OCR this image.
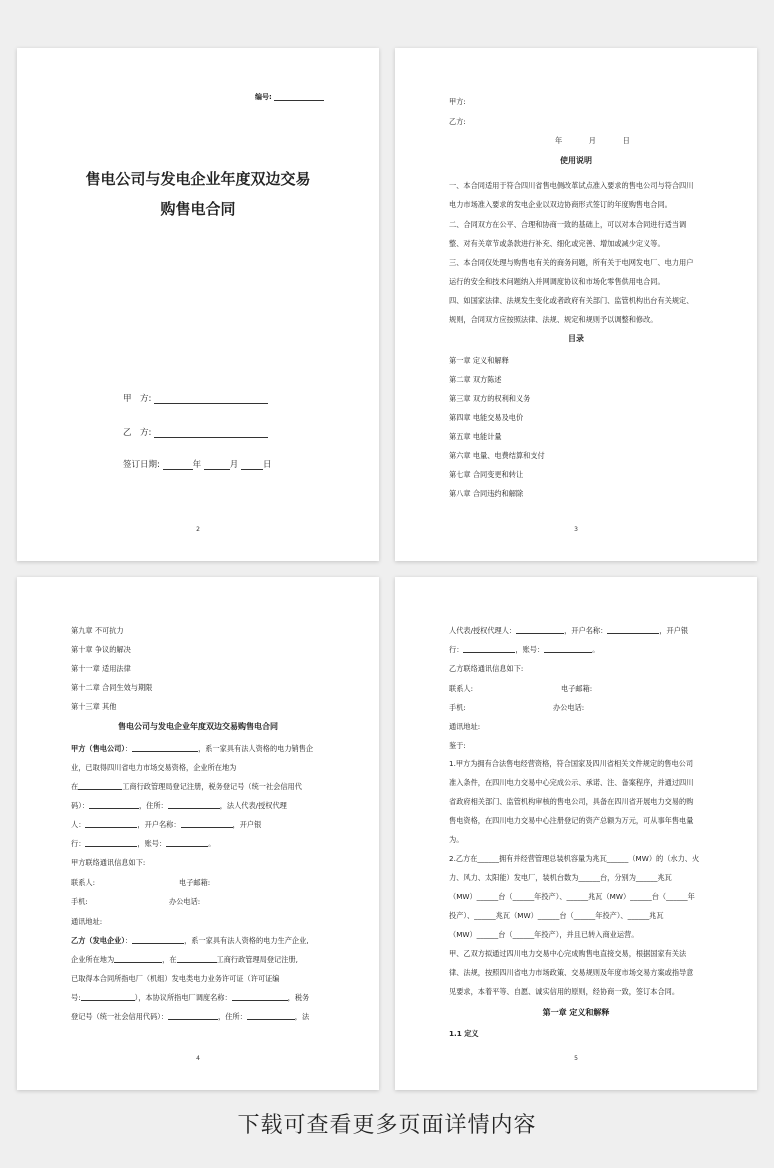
编号:
售电公司与发电企业年度双边交易
购售电合同
甲　方:
乙　方:
签订日期:	年	月	日
2
甲方:
乙方:
年	月	日
使用说明
一、本合同适用于符合四川省售电侧改革试点准入要求的售电公司与符合四川
电力市场准入要求的发电企业以双边协商形式签订的年度购售电合同。
二、合同双方在公平、合理和协商一致的基础上，可以对本合同进行适当调
整、对有关章节或条款进行补充、细化或完善、增加或减少定义等。
三、本合同仅处理与购售电有关的商务问题，所有关于电网发电厂、电力用户
运行的安全和技术问题纳入并网调度协议和市场化零售供用电合同。
四、如国家法律、法规发生变化或者政府有关部门、监管机构出台有关规定、
规则，合同双方应按照法律、法规、规定和规则予以调整和修改。
目录
第一章 定义和解释
第二章 双方陈述
第三章 双方的权利和义务
第四章 电能交易及电价
第五章 电能计量
第六章 电量、电费结算和支付
第七章 合同变更和转让
第八章 合同违约和解除
3
第九章 不可抗力
第十章 争议的解决
第十一章 适用法律
第十二章 合同生效与期限
第十三章 其他
售电公司与发电企业年度双边交易购售电合同
甲方（售电公司）：	，系一家具有法人资格的电力销售企
业，已取得四川省电力市场交易资格，企业所在地为
在	工商行政管理局登记注册，税务登记号（统一社会信用代
码）：	，住所：	，法人代表/授权代理
人：	，开户名称：	，开户银
行：	，账号：	。
甲方联络通讯信息如下:
联系人:	电子邮箱:
手机:	办公电话:
通讯地址:
乙方（发电企业）：	，系一家具有法人资格的电力生产企业,
企业所在地为	，在	工商行政管理局登记注册,
已取得本合同所指电厂（机组）发电类电力业务许可证（许可证编
号:	），本协议所指电厂调度名称：	，税务
登记号（统一社会信用代码）：	，住所：	，法
4
人代表/授权代理人：	，开户名称：	，开户银
行：	，账号：	。
乙方联络通讯信息如下:
联系人:	电子邮箱:
手机:	办公电话:
通讯地址:
鉴于:
1.甲方为拥有合法售电经营资格，符合国家及四川省相关文件规定的售电公司
准入条件，在四川电力交易中心完成公示、承诺、注、备案程序，并通过四川
省政府相关部门、监管机构审核的售电公司，具备在四川省开展电力交易的购
售电资格，在四川电力交易中心注册登记的资产总额为万元，可从事年售电量
为。
2.乙方在______拥有并经营管理总装机容量为兆瓦______（MW）的（水力、火
力、风力、太阳能）发电厂，装机台数为______台，分别为______兆瓦
（MW）______台（______年投产）、______兆瓦（MW）______台（______年
投产）、______兆瓦（MW）______台（______年投产）、______兆瓦
（MW）______台（______年投产），并且已转入商业运营。
甲、乙双方拟通过四川电力交易中心完成购售电直接交易，根据国家有关法
律、法规，按照四川省电力市场政策、交易规则及年度市场交易方案或指导意
见要求，本着平等、自愿、诚实信用的原则，经协商一致，签订本合同。
第一章 定义和解释
1.1 定义
5
下载可查看更多页面详情内容
